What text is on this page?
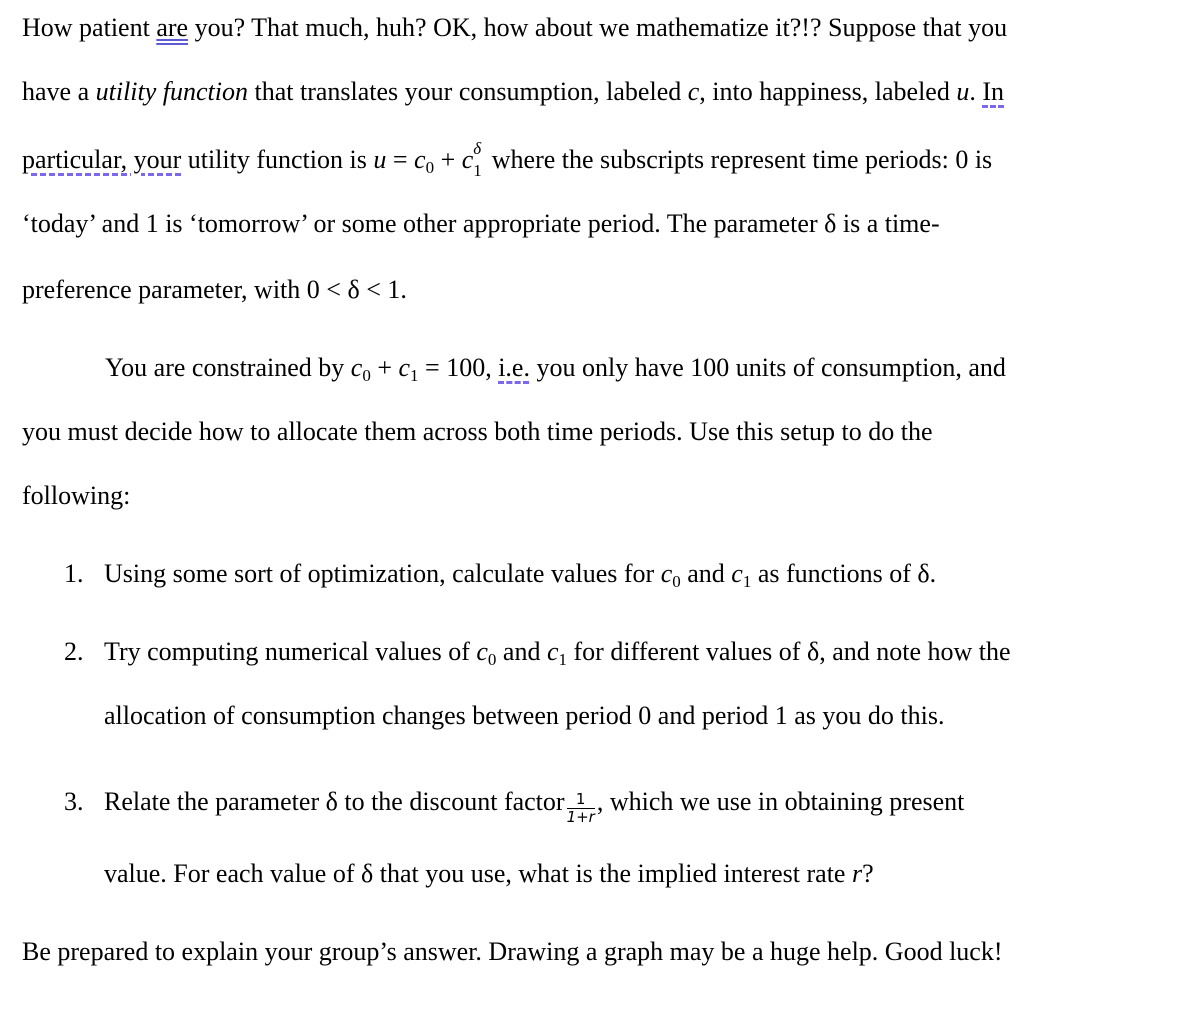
How patient are you? That much, huh? OK, how about we mathematize it?!? Suppose that you
have a utility function that translates your consumption, labeled c, into happiness, labeled u. In
particular, your utility function is $u = c_0 + c$ δ
1 where the subscripts represent time periods: 0 is
‘today’ and 1 is ‘tomorrow’ or some other appropriate period. The parameter δ is a time-
preference parameter, with 0 < δ < 1.
You are constrained by $c_0 + c_1 = 100$, i.e. you only have 100 units of consumption, and
you must decide how to allocate them across both time periods. Use this setup to do the
following:
1. Using some sort of optimization, calculate values for $c_0$ and $c_1$ as functions of δ.
2. Try computing numerical values of $c_0$ and $c_1$ for different values of δ, and note how the
allocation of consumption changes between period 0 and period 1 as you do this.
3. Relate the parameter δ to the discount factor $\frac{1}{1+r}$ , which we use in obtaining present
value. For each value of δ that you use, what is the implied interest rate r?
Be prepared to explain your group’s answer. Drawing a graph may be a huge help. Good luck!
